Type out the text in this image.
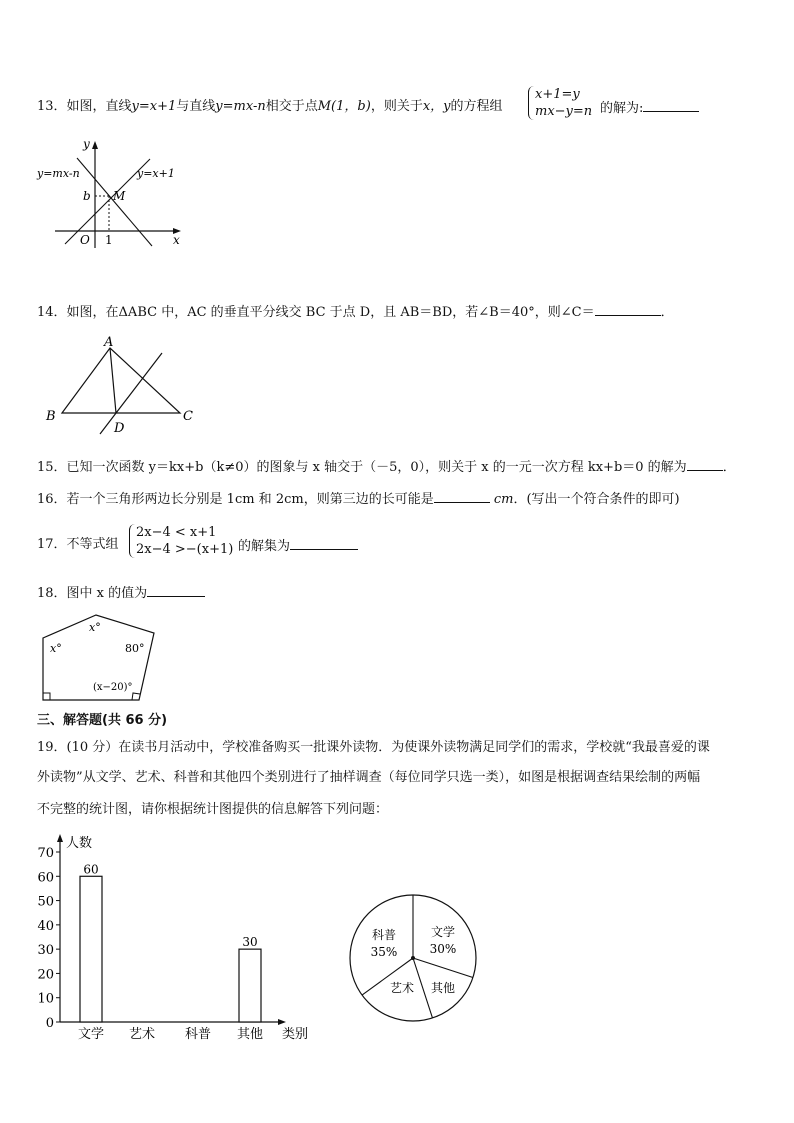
13．如图，直线y=x+1与直线y=mx-n相交于点M(1，b)，则关于x，y的方程组
x+1=y
mx−y=n 的解为:
y
x
O 1
b M
y=mx-n	y=x+1
14．如图，在ΔABC 中，AC 的垂直平分线交 BC 于点 D，且 AB＝BD，若∠B＝40°，则∠C＝	．
A
B	C
D
15．已知一次函数 y＝kx+b（k≠0）的图象与 x 轴交于（－5，0），则关于 x 的一元一次方程 kx+b＝0 的解为	．
16．若一个三角形两边长分别是 1cm 和 2cm，则第三边的长可能是	cm．(写出一个符合条件的即可)
17．不等式组
2x−4 < x+1
2x−4 >−(x+1) 的解集为
18．图中 x 的值为
x°
x°	80°
(x−20)°
三、解答题(共 66 分)
19．(10 分）在读书月活动中，学校准备购买一批课外读物．为使课外读物满足同学们的需求，学校就“我最喜爱的课
外读物”从文学、艺术、科普和其他四个类别进行了抽样调查（每位同学只选一类），如图是根据调查结果绘制的两幅
不完整的统计图，请你根据统计图提供的信息解答下列问题：
0
10
20
30
40
50
60
70
人数
类别
文学
60
艺术 科普 其他
30
文学
30%
其他
艺术
科普
35%
